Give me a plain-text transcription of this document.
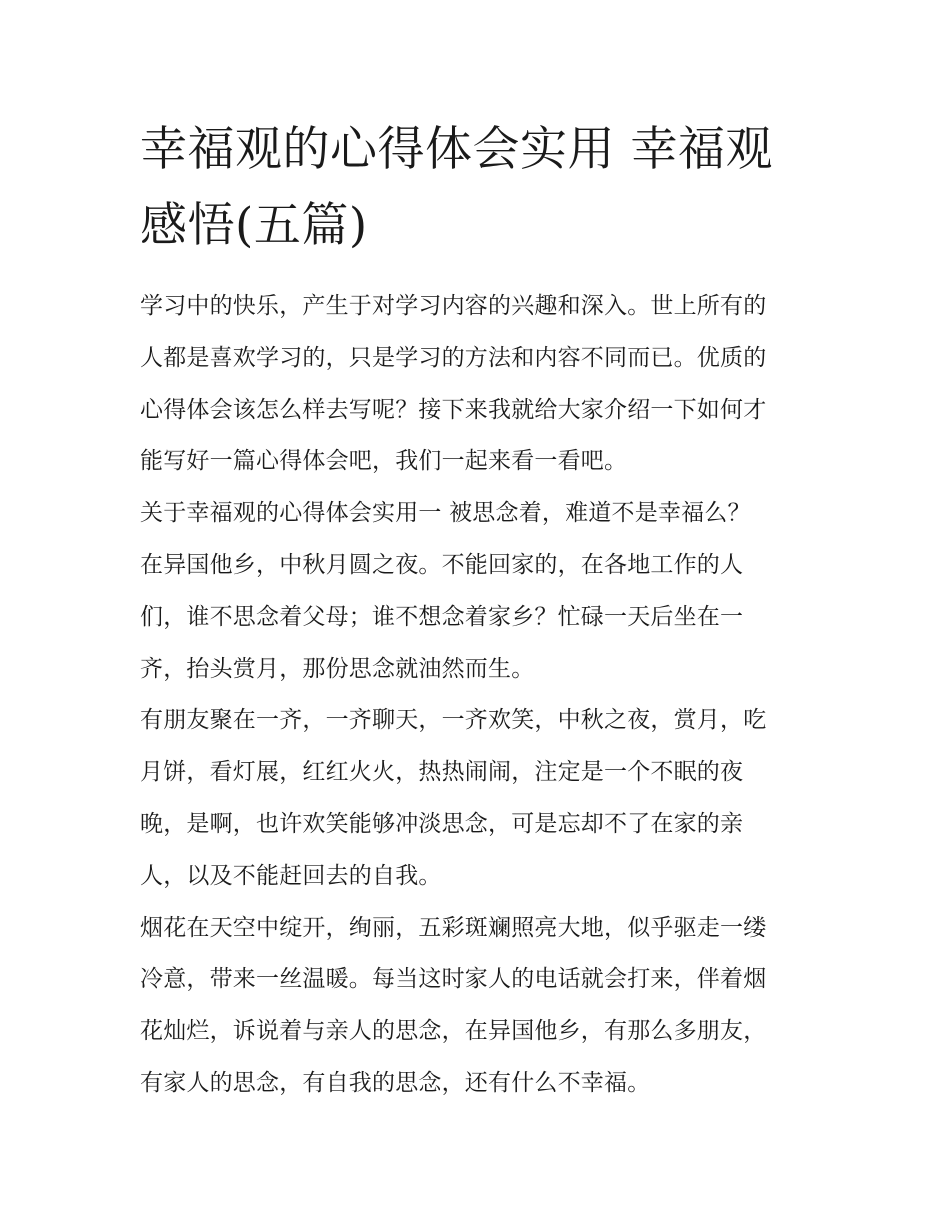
幸福观的心得体会实用 幸福观
感悟(五篇)
学习中的快乐，产生于对学习内容的兴趣和深入。世上所有的
人都是喜欢学习的，只是学习的方法和内容不同而已。优质的
心得体会该怎么样去写呢？接下来我就给大家介绍一下如何才
能写好一篇心得体会吧，我们一起来看一看吧。
关于幸福观的心得体会实用一 被思念着，难道不是幸福么？
在异国他乡，中秋月圆之夜。不能回家的，在各地工作的人
们，谁不思念着父母；谁不想念着家乡？忙碌一天后坐在一
齐，抬头赏月，那份思念就油然而生。
有朋友聚在一齐，一齐聊天，一齐欢笑，中秋之夜，赏月，吃
月饼，看灯展，红红火火，热热闹闹，注定是一个不眠的夜
晚，是啊，也许欢笑能够冲淡思念，可是忘却不了在家的亲
人，以及不能赶回去的自我。
烟花在天空中绽开，绚丽，五彩斑斓照亮大地，似乎驱走一缕
冷意，带来一丝温暖。每当这时家人的电话就会打来，伴着烟
花灿烂，诉说着与亲人的思念，在异国他乡，有那么多朋友，
有家人的思念，有自我的思念，还有什么不幸福。
